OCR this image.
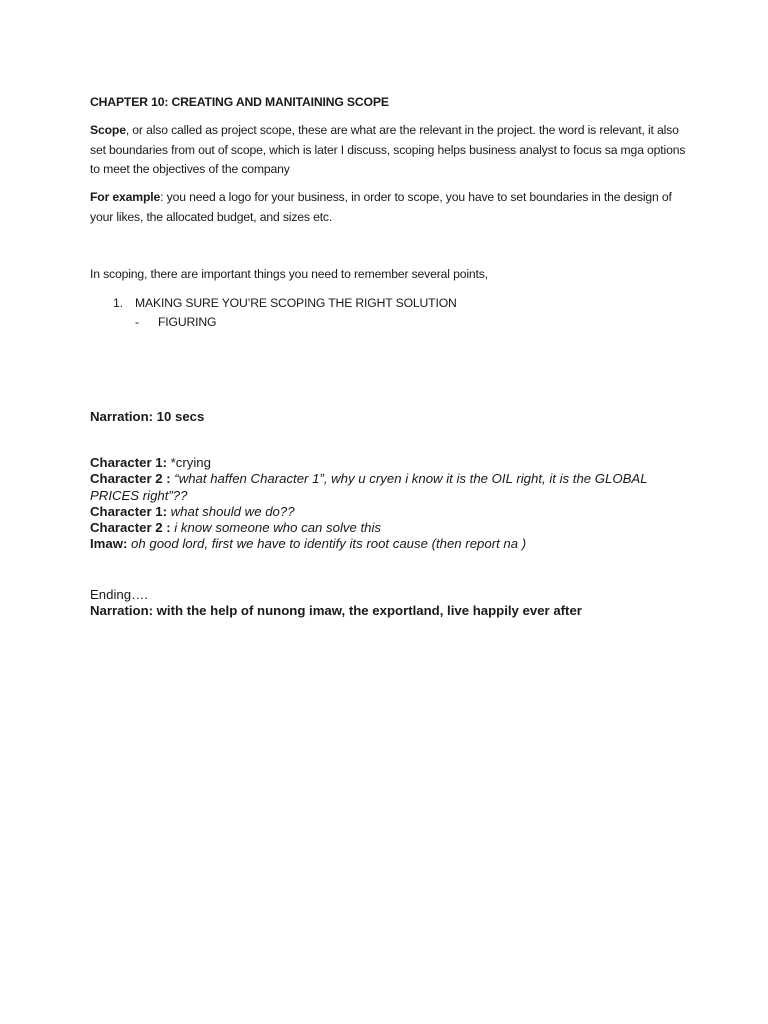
CHAPTER 10: CREATING AND MANITAINING SCOPE

Scope, or also called as project scope, these are what are the relevant in the project. the word is relevant, it also set boundaries from out of scope, which is later I discuss, scoping helps business analyst to focus sa mga options to meet the objectives of the company

For example: you need a logo for your business, in order to scope, you have to set boundaries in the design of your likes, the allocated budget, and sizes etc.

In scoping, there are important things you need to remember several points,

1. MAKING SURE YOU’RE SCOPING THE RIGHT SOLUTION
- FIGURING

Narration: 10 secs

Character 1: *crying
Character 2 : “what haffen Character 1”, why u cryen i know it is the OIL right, it is the GLOBAL PRICES right”??
Character 1: what should we do??
Character 2 : i know someone who can solve this
Imaw: oh good lord, first we have to identify its root cause (then report na )
Ending….
Narration: with the help of nunong imaw, the exportland, live happily ever after
